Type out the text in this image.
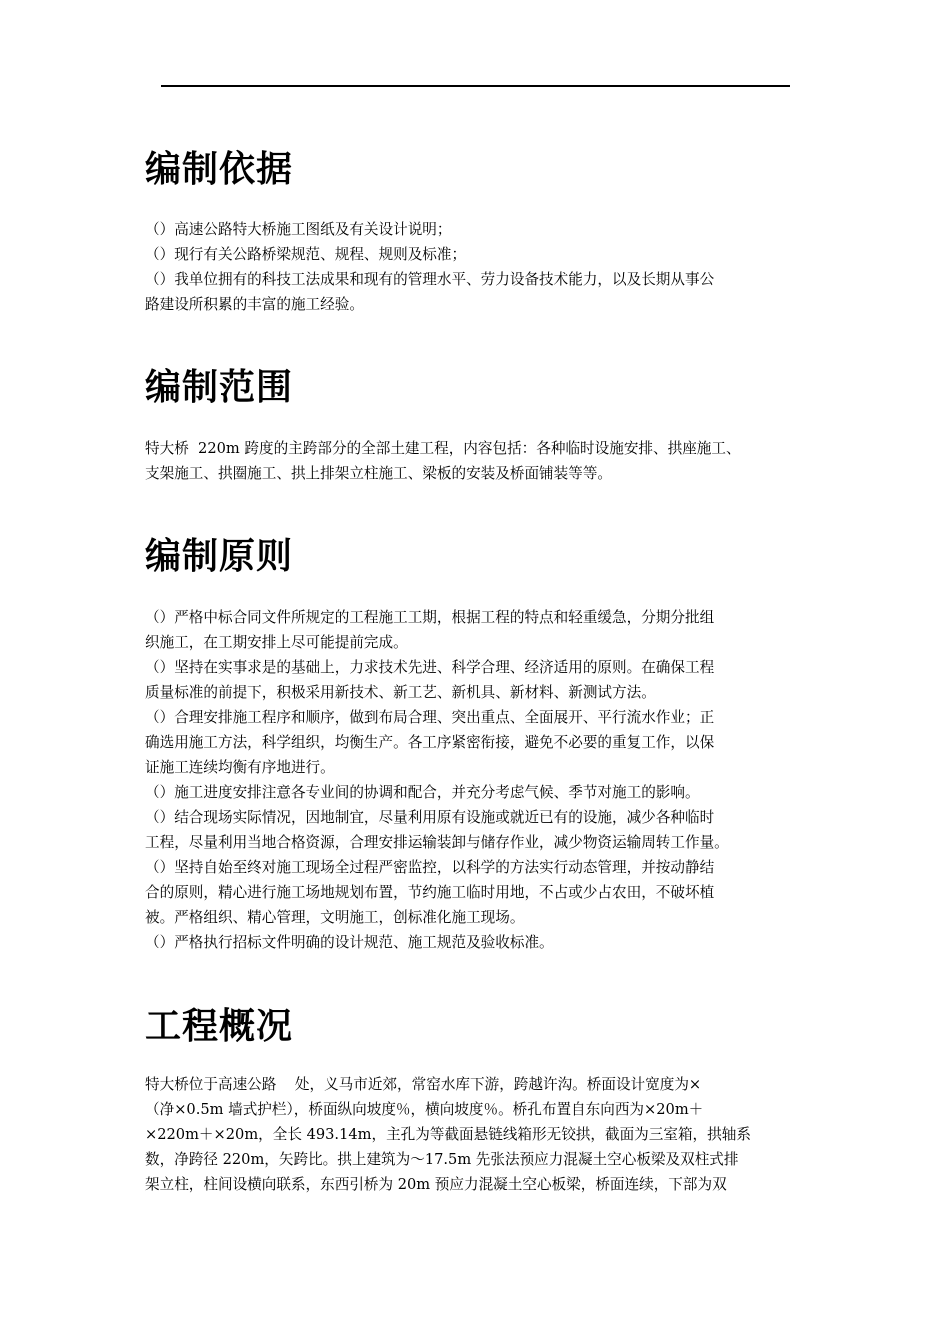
编制依据

（）高速公路特大桥施工图纸及有关设计说明；

（）现行有关公路桥梁规范、规程、规则及标准；

（）我单位拥有的科技工法成果和现有的管理水平、劳力设备技术能力，以及长期从事公

路建设所积累的丰富的施工经验。

编制范围

特大桥  220m 跨度的主跨部分的全部土建工程，内容包括：各种临时设施安排、拱座施工、

支架施工、拱圈施工、拱上排架立柱施工、梁板的安装及桥面铺装等等。

编制原则

（）严格中标合同文件所规定的工程施工工期，根据工程的特点和轻重缓急，分期分批组

织施工，在工期安排上尽可能提前完成。

（）坚持在实事求是的基础上，力求技术先进、科学合理、经济适用的原则。在确保工程

质量标准的前提下，积极采用新技术、新工艺、新机具、新材料、新测试方法。

（）合理安排施工程序和顺序，做到布局合理、突出重点、全面展开、平行流水作业；正

确选用施工方法，科学组织，均衡生产。各工序紧密衔接，避免不必要的重复工作，以保

证施工连续均衡有序地进行。

（）施工进度安排注意各专业间的协调和配合，并充分考虑气候、季节对施工的影响。

（）结合现场实际情况，因地制宜，尽量利用原有设施或就近已有的设施，减少各种临时

工程，尽量利用当地合格资源，合理安排运输装卸与储存作业，减少物资运输周转工作量。

（）坚持自始至终对施工现场全过程严密监控，以科学的方法实行动态管理，并按动静结

合的原则，精心进行施工场地规划布置，节约施工临时用地，不占或少占农田，不破坏植

被。严格组织、精心管理，文明施工，创标准化施工现场。

（）严格执行招标文件明确的设计规范、施工规范及验收标准。

工程概况

特大桥位于高速公路    处，义马市近郊，常窑水库下游，跨越许沟。桥面设计宽度为×

（净×0.5m 墙式护栏），桥面纵向坡度％，横向坡度％。桥孔布置自东向西为×20m＋

×220m＋×20m，全长 493.14m，主孔为等截面悬链线箱形无铰拱，截面为三室箱，拱轴系

数，净跨径 220m，矢跨比。拱上建筑为～17.5m 先张法预应力混凝土空心板梁及双柱式排

架立柱，柱间设横向联系，东西引桥为 20m 预应力混凝土空心板梁，桥面连续，下部为双
